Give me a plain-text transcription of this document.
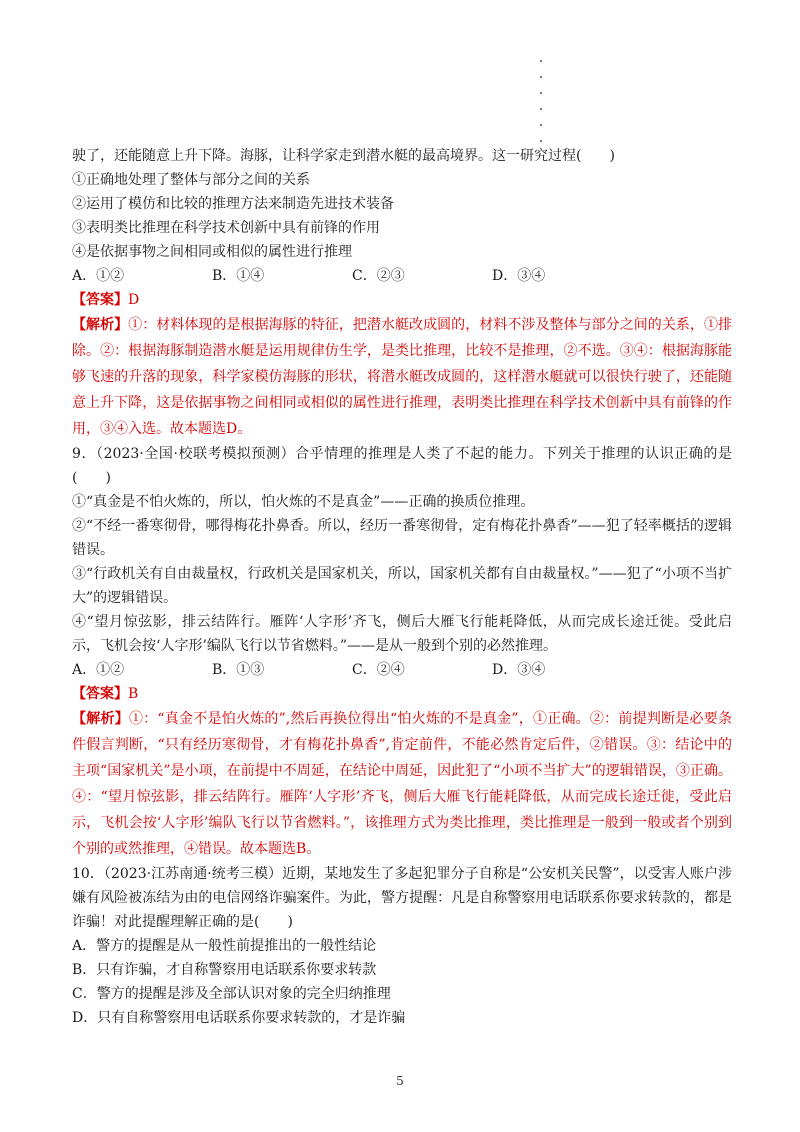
驶了，还能随意上升下降。海豚，让科学家走到潜水艇的最高境界。这一研究过程(　　)
①正确地处理了整体与部分之间的关系
②运用了模仿和比较的推理方法来制造先进技术装备
③表明类比推理在科学技术创新中具有前锋的作用
④是依据事物之间相同或相似的属性进行推理
A．①②	B．①④	C．②③	D．③④
【答案】D
【解析】①：材料体现的是根据海豚的特征，把潜水艇改成圆的，材料不涉及整体与部分之间的关系，①排除。②：根据海豚制造潜水艇是运用规律仿生学，是类比推理，比较不是推理，②不选。③④：根据海豚能够飞速的升落的现象，科学家模仿海豚的形状，将潜水艇改成圆的，这样潜水艇就可以很快行驶了，还能随意上升下降，这是依据事物之间相同或相似的属性进行推理，表明类比推理在科学技术创新中具有前锋的作用，③④入选。故本题选D。
9．（2023·全国·校联考模拟预测）合乎情理的推理是人类了不起的能力。下列关于推理的认识正确的是(　　)
①“真金是不怕火炼的，所以，怕火炼的不是真金”——正确的换质位推理。
②“不经一番寒彻骨，哪得梅花扑鼻香。所以，经历一番寒彻骨，定有梅花扑鼻香”——犯了轻率概括的逻辑错误。
③“行政机关有自由裁量权，行政机关是国家机关，所以，国家机关都有自由裁量权。”——犯了“小项不当扩大”的逻辑错误。
④“望月惊弦影，排云结阵行。雁阵‘人字形’齐飞，侧后大雁飞行能耗降低，从而完成长途迁徙。受此启示，飞机会按‘人字形’编队飞行以节省燃料。”——是从一般到个别的必然推理。
A．①②	B．①③	C．②④	D．③④
【答案】B
【解析】①：“真金不是怕火炼的”,然后再换位得出“怕火炼的不是真金”，①正确。②：前提判断是必要条件假言判断，“只有经历寒彻骨，才有梅花扑鼻香”,肯定前件，不能必然肯定后件，②错误。③：结论中的主项“国家机关”是小项，在前提中不周延，在结论中周延，因此犯了“小项不当扩大”的逻辑错误，③正确。④：“望月惊弦影，排云结阵行。雁阵‘人字形’齐飞，侧后大雁飞行能耗降低，从而完成长途迁徙，受此启示，飞机会按‘人字形’编队飞行以节省燃料。”，该推理方式为类比推理，类比推理是一般到一般或者个别到个别的或然推理，④错误。故本题选B。
10．（2023·江苏南通·统考三模）近期，某地发生了多起犯罪分子自称是“公安机关民警”，以受害人账户涉嫌有风险被冻结为由的电信网络诈骗案件。为此，警方提醒：凡是自称警察用电话联系你要求转款的，都是诈骗！对此提醒理解正确的是(　　)
A．警方的提醒是从一般性前提推出的一般性结论
B．只有诈骗，才自称警察用电话联系你要求转款
C．警方的提醒是涉及全部认识对象的完全归纳推理
D．只有自称警察用电话联系你要求转款的，才是诈骗
5
